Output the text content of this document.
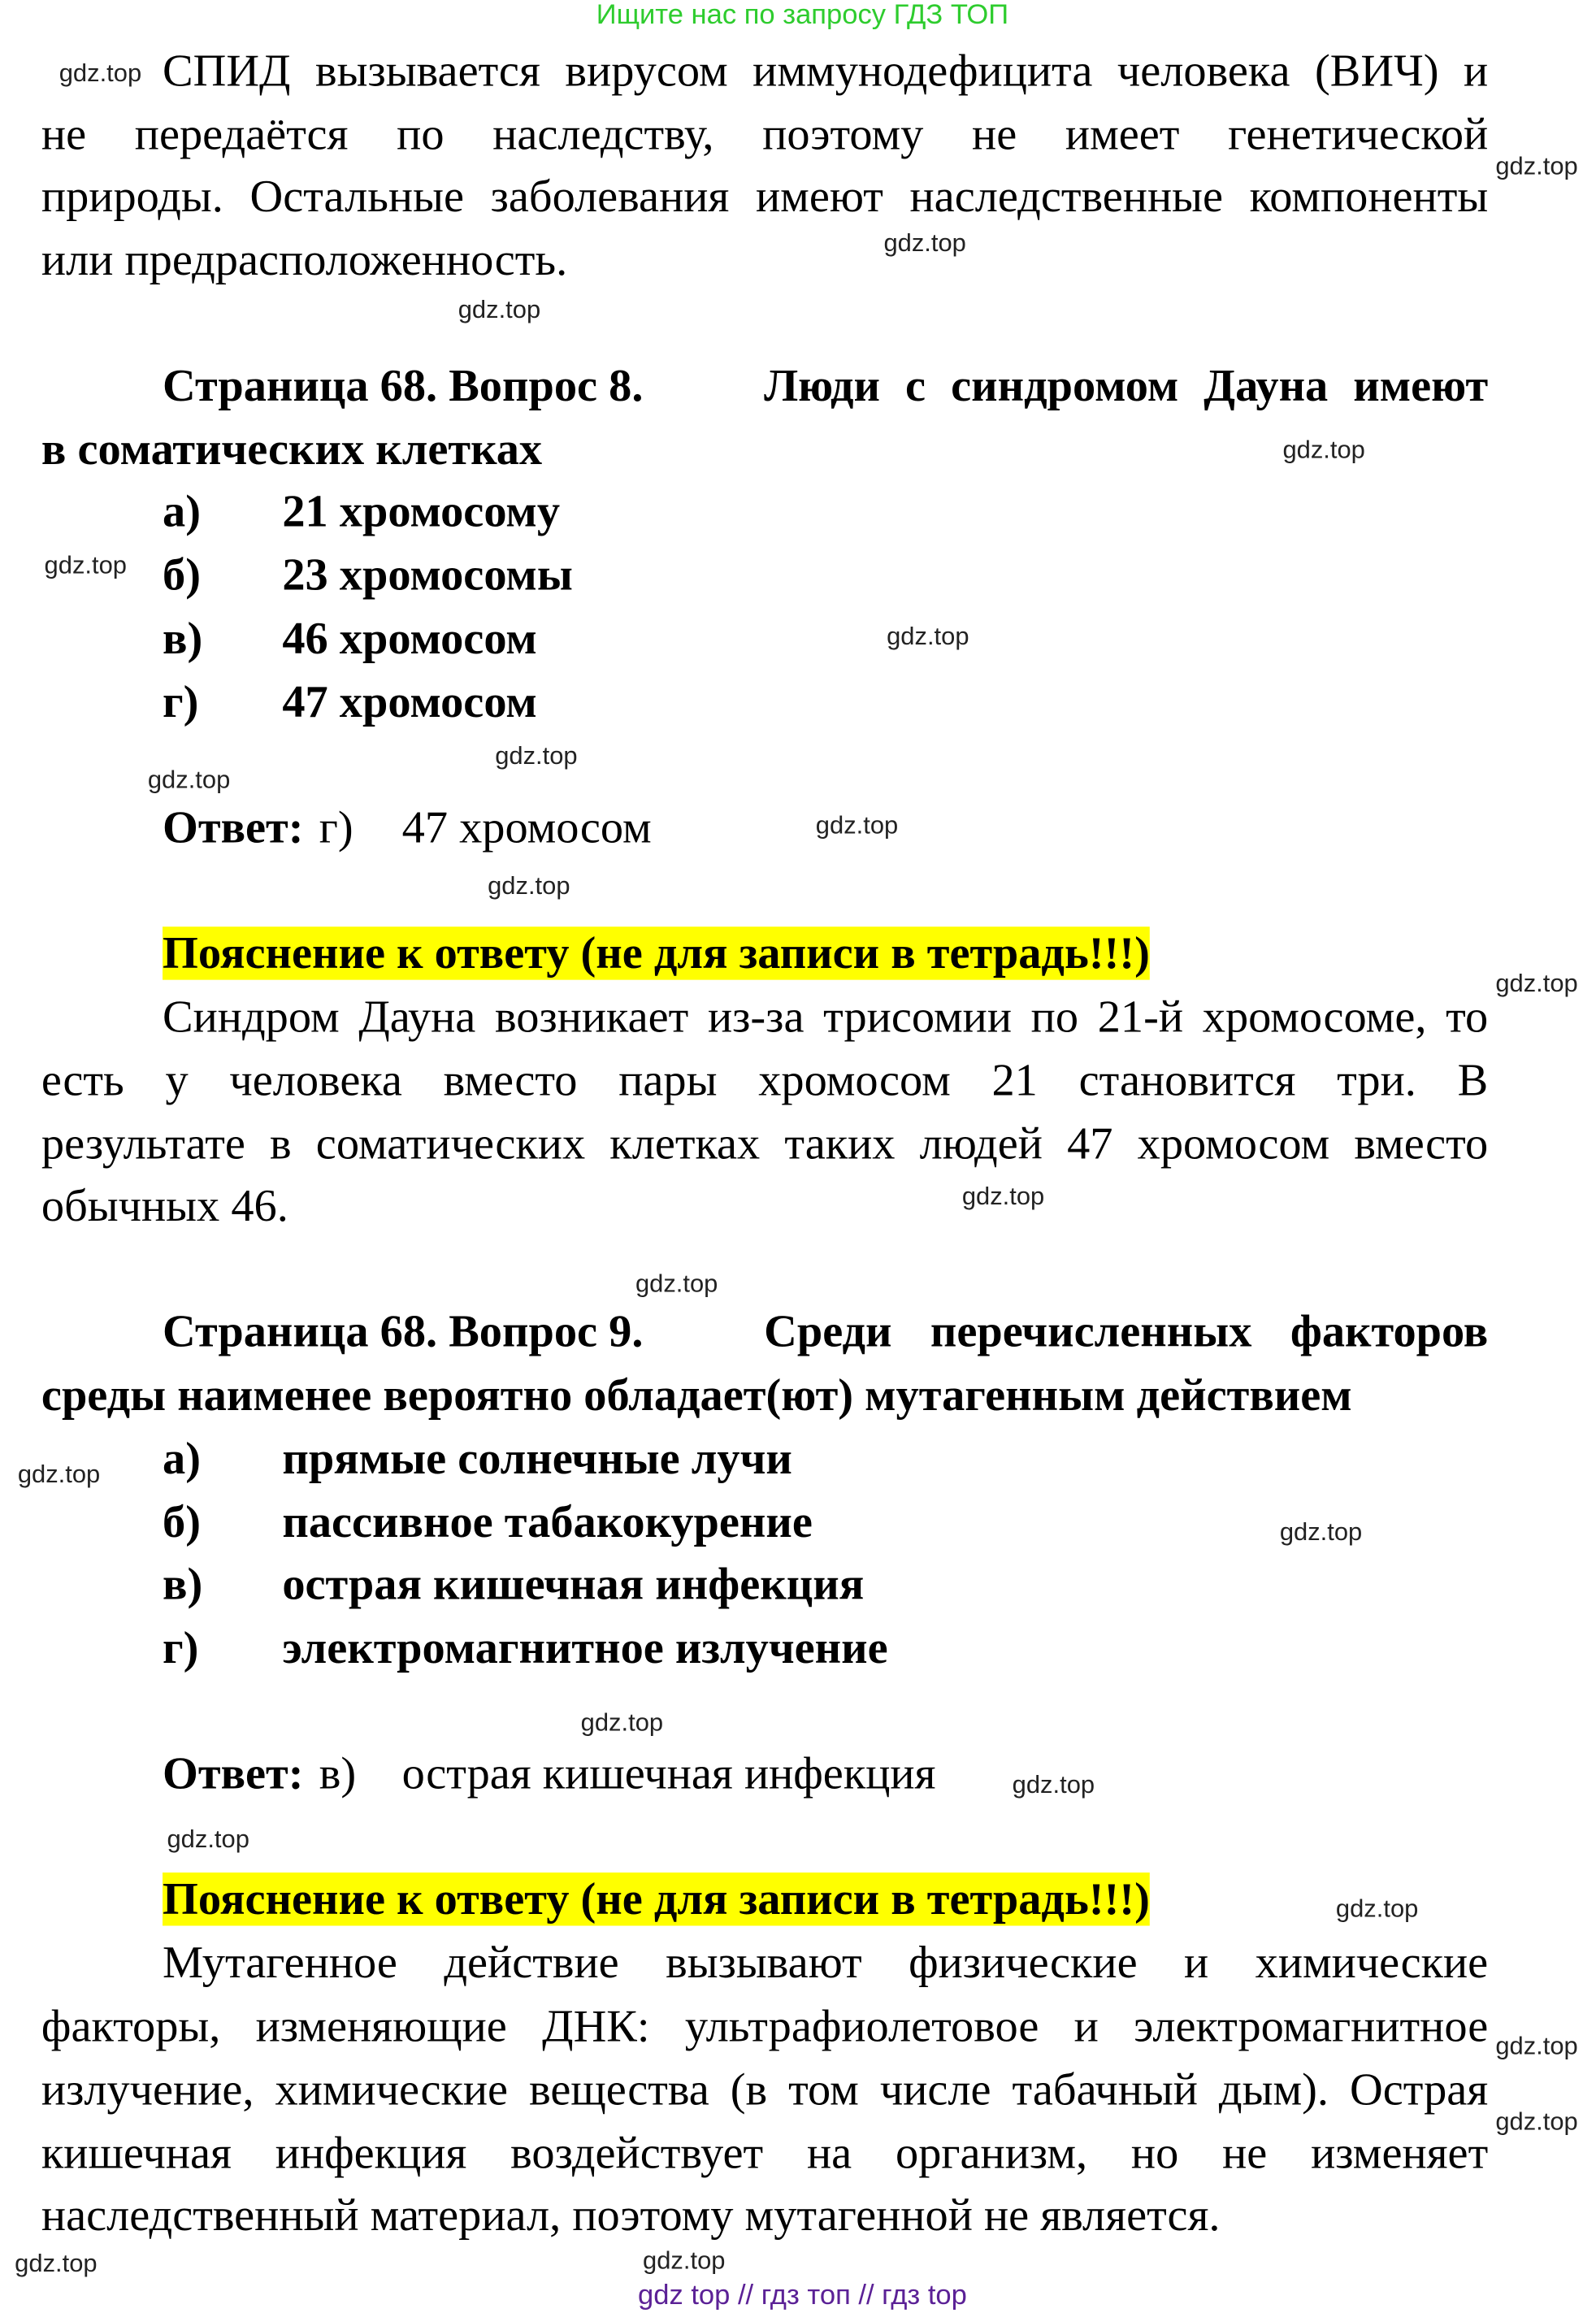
Ищите нас по запросу ГДЗ ТОП
СПИД вызывается вирусом иммунодефицита человека (ВИЧ) и
не передаётся по наследству, поэтому не имеет генетической
природы. Остальные заболевания имеют наследственные компоненты
или предрасположенность.
Страница 68. Вопрос 8.	Люди с синдромом Дауна имеют
в соматических клетках
а)	21 хромосому
б)	23 хромосомы
в)	46 хромосом
г)	47 хромосом
Ответ: г) 47 хромосом
Пояснение к ответу (не для записи в тетрадь!!!)
Синдром Дауна возникает из-за трисомии по 21-й хромосоме, то
есть у человека вместо пары хромосом 21 становится три. В
результате в соматических клетках таких людей 47 хромосом вместо
обычных 46.
Страница 68. Вопрос 9.	Среди перечисленных факторов
среды наименее вероятно обладает(ют) мутагенным действием
а)	прямые солнечные лучи
б)	пассивное табакокурение
в)	острая кишечная инфекция
г)	электромагнитное излучение
Ответ: в) острая кишечная инфекция
Пояснение к ответу (не для записи в тетрадь!!!)
Мутагенное действие вызывают физические и химические
факторы, изменяющие ДНК: ультрафиолетовое и электромагнитное
излучение, химические вещества (в том числе табачный дым). Острая
кишечная инфекция воздействует на организм, но не изменяет
наследственный материал, поэтому мутагенной не является.
gdz top // гдз топ // гдз top
gdz.top
gdz.top
gdz.top
gdz.top
gdz.top
gdz.top
gdz.top
gdz.top
gdz.top
gdz.top
gdz.top
gdz.top
gdz.top
gdz.top
gdz.top
gdz.top
gdz.top
gdz.top
gdz.top
gdz.top
gdz.top
gdz.top
gdz.top	gdz.top
